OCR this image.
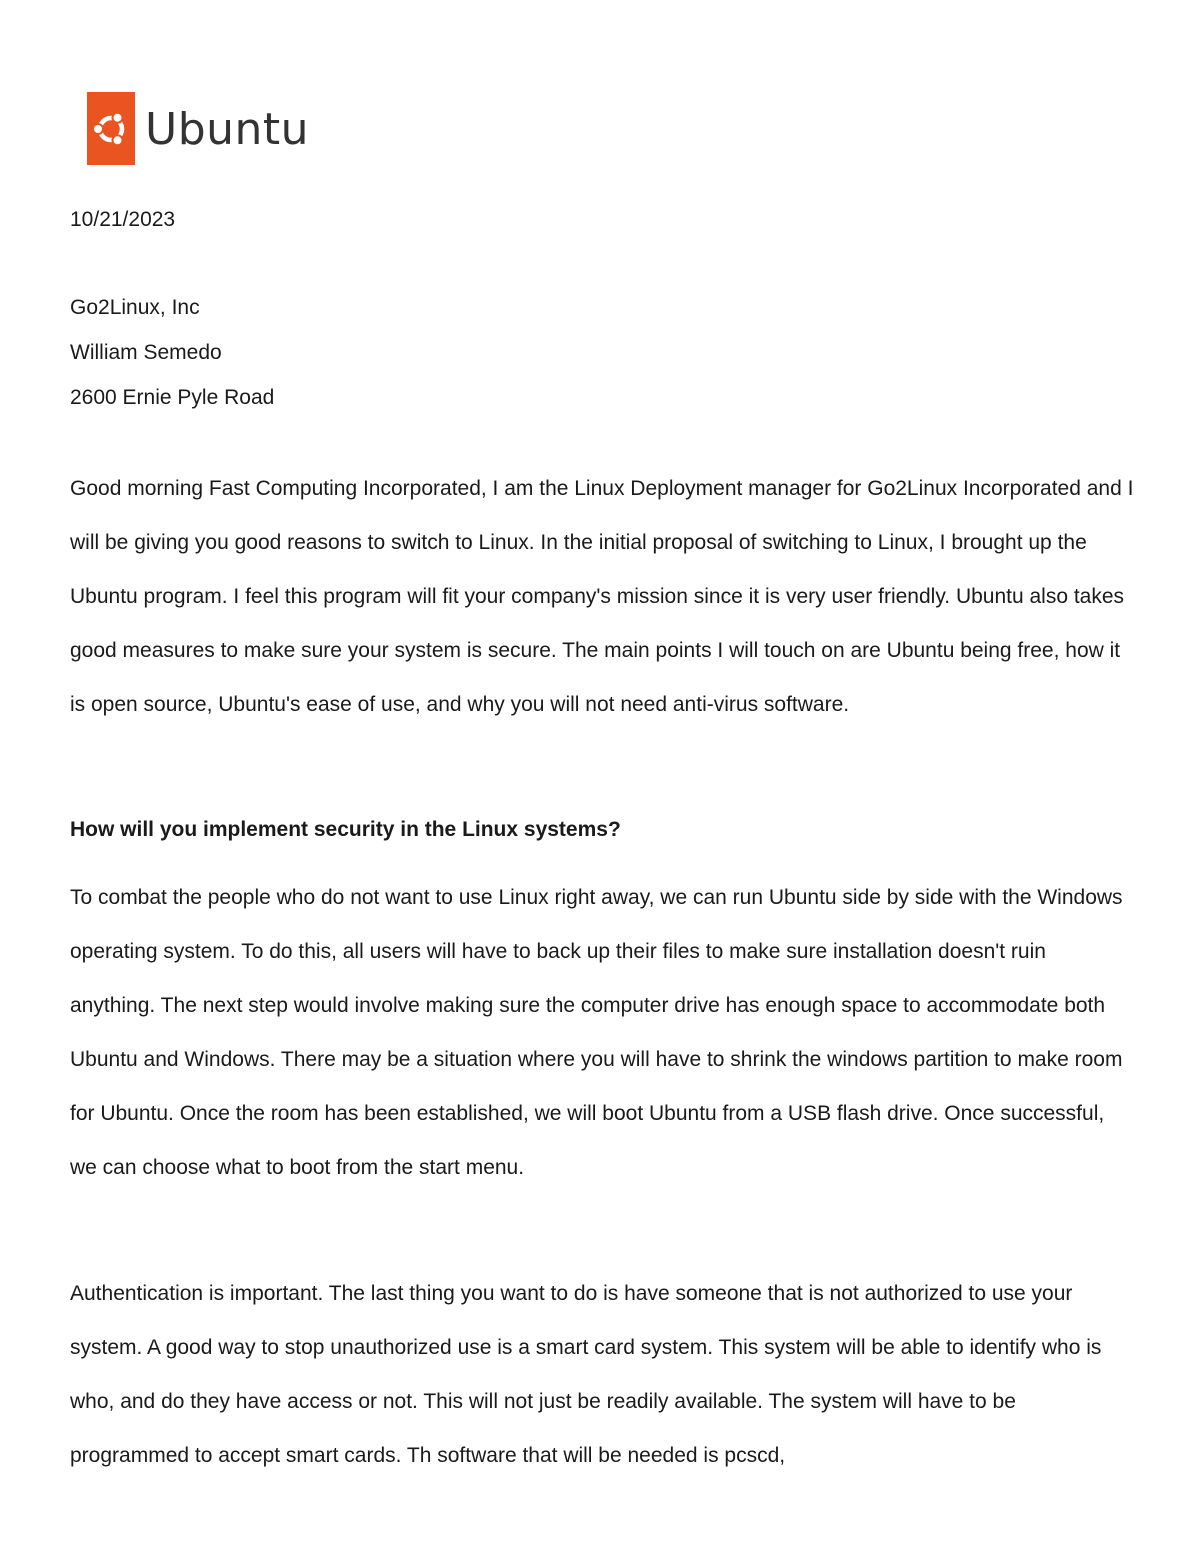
Ubuntu
10/21/2023
Go2Linux, Inc
William Semedo
2600 Ernie Pyle Road

Good morning Fast Computing Incorporated, I am the Linux Deployment manager for Go2Linux Incorporated and I will be giving you good reasons to switch to Linux. In the initial proposal of switching to Linux, I brought up the Ubuntu program. I feel this program will fit your company's mission since it is very user friendly. Ubuntu also takes good measures to make sure your system is secure. The main points I will touch on are Ubuntu being free, how it is open source, Ubuntu's ease of use, and why you will not need anti-virus software.

How will you implement security in the Linux systems?

To combat the people who do not want to use Linux right away, we can run Ubuntu side by side with the Windows operating system. To do this, all users will have to back up their files to make sure installation doesn't ruin anything. The next step would involve making sure the computer drive has enough space to accommodate both Ubuntu and Windows. There may be a situation where you will have to shrink the windows partition to make room for Ubuntu. Once the room has been established, we will boot Ubuntu from a USB flash drive. Once successful, we can choose what to boot from the start menu.

Authentication is important. The last thing you want to do is have someone that is not authorized to use your system. A good way to stop unauthorized use is a smart card system. This system will be able to identify who is who, and do they have access or not. This will not just be readily available. The system will have to be programmed to accept smart cards. Th software that will be needed is pcscd,
